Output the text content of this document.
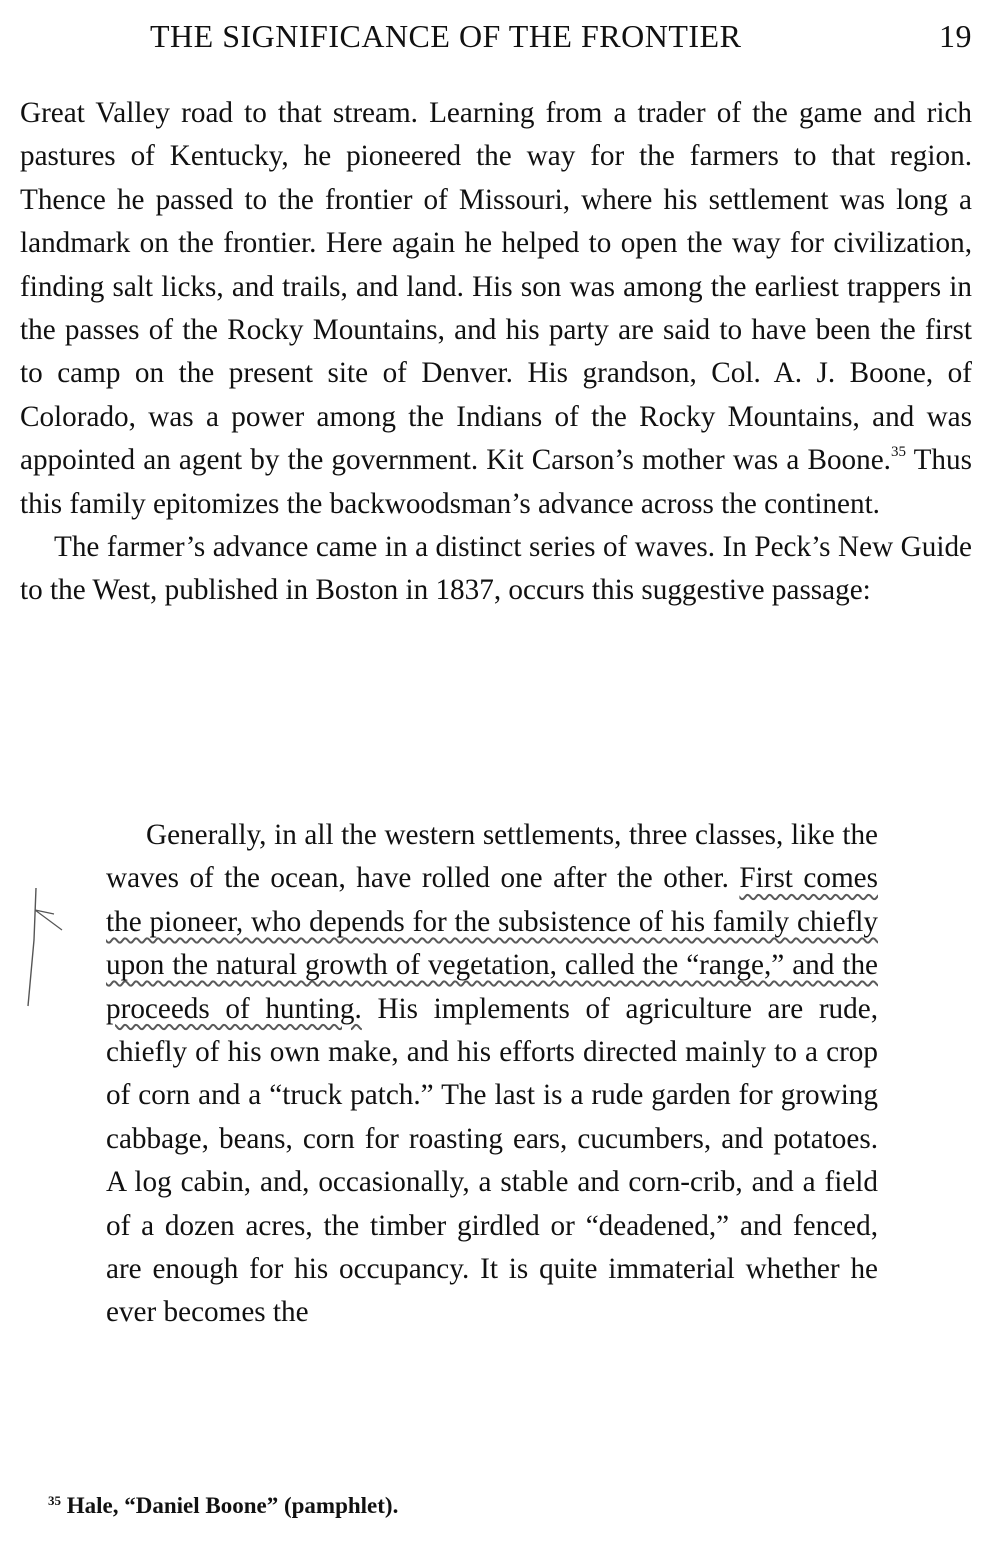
THE SIGNIFICANCE OF THE FRONTIER	19

Great Valley road to that stream. Learning from a trader of the game and rich pastures of Kentucky, he pioneered the way for the farmers to that region. Thence he passed to the frontier of Missouri, where his settlement was long a landmark on the frontier. Here again he helped to open the way for civilization, finding salt licks, and trails, and land. His son was among the earliest trappers in the passes of the Rocky Mountains, and his party are said to have been the first to camp on the present site of Denver. His grandson, Col. A. J. Boone, of Colorado, was a power among the Indians of the Rocky Mountains, and was appointed an agent by the government. Kit Carson’s mother was a Boone.$^{35}$ Thus this family epitomizes the backwoodsman’s advance across the continent.

The farmer’s advance came in a distinct series of waves. In Peck’s New Guide to the West, published in Boston in 1837, occurs this suggestive passage:

Generally, in all the western settlements, three classes, like the waves of the ocean, have rolled one after the other. First comes the pioneer, who depends for the subsistence of his family chiefly upon the natural growth of vegetation, called the “range,” and the proceeds of hunting. His implements of agriculture are rude, chiefly of his own make, and his efforts directed mainly to a crop of corn and a “truck patch.” The last is a rude garden for growing cabbage, beans, corn for roasting ears, cucumbers, and potatoes. A log cabin, and, occasionally, a stable and corn-crib, and a field of a dozen acres, the timber girdled or “deadened,” and fenced, are enough for his occupancy. It is quite immaterial whether he ever becomes the

$^{35}$ Hale, “Daniel Boone” (pamphlet).
